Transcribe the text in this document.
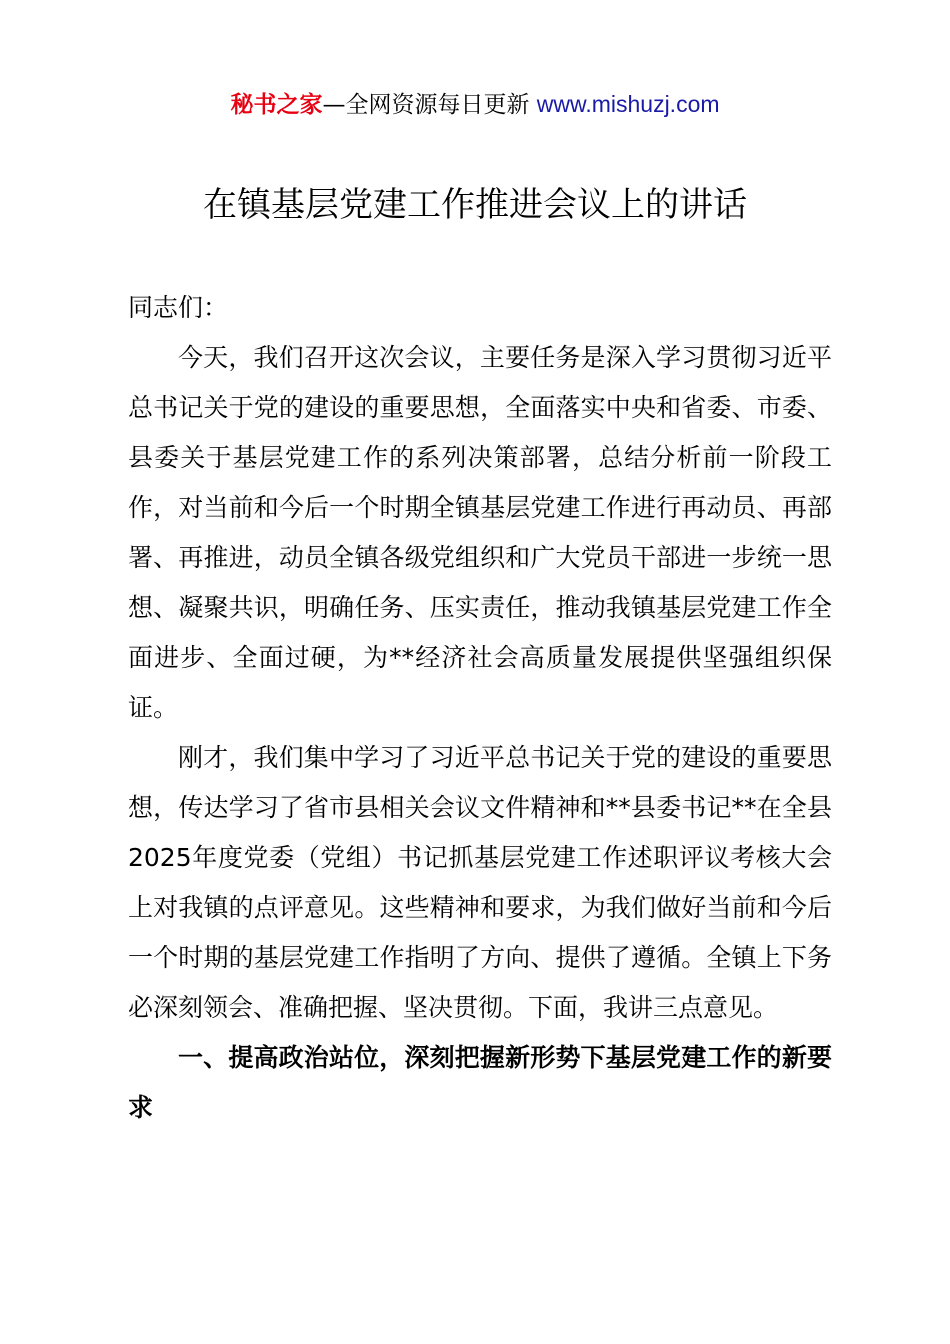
秘书之家—全网资源每日更新 www.mishuzj.com
在镇基层党建工作推进会议上的讲话

同志们：

今天，我们召开这次会议，主要任务是深入学习贯彻习近平总书记关于党的建设的重要思想，全面落实中央和省委、市委、县委关于基层党建工作的系列决策部署，总结分析前一阶段工作，对当前和今后一个时期全镇基层党建工作进行再动员、再部署、再推进，动员全镇各级党组织和广大党员干部进一步统一思想、凝聚共识，明确任务、压实责任，推动我镇基层党建工作全面进步、全面过硬，为**经济社会高质量发展提供坚强组织保证。

刚才，我们集中学习了习近平总书记关于党的建设的重要思想，传达学习了省市县相关会议文件精神和**县委书记**在全县2025年度党委（党组）书记抓基层党建工作述职评议考核大会上对我镇的点评意见。这些精神和要求，为我们做好当前和今后一个时期的基层党建工作指明了方向、提供了遵循。全镇上下务必深刻领会、准确把握、坚决贯彻。下面，我讲三点意见。

一、提高政治站位，深刻把握新形势下基层党建工作的新要求
